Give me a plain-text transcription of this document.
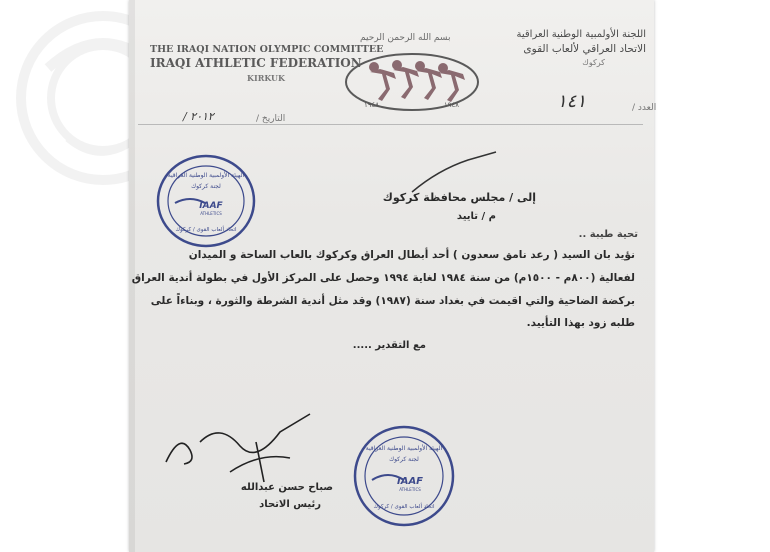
THE IRAQI NATION OLYMPIC COMMITTEE
IRAQI ATHLETIC FEDERATION
KIRKUK
بسم الله الرحمن الرحيم	اللجنة الأولمبية الوطنية العراقية
الاتحاد العراقي لألعاب القوى
كركوك
١٩٤٨	١٩٤٨	العدد /
١٤١
التاريخ /
/ ٢٠١٢
إلى / مجلس محافظة كركوك
م / تاييد
تحية طيبة ..
نؤيد بان السيد ( رعد نامق سعدون ) أحد أبطال العراق وكركوك بالعاب الساحة و الميدان
لفعالية (٨٠٠م - ١٥٠٠م) من سنة ١٩٨٤ لغاية ١٩٩٤ وحصل على المركز الأول في بطولة أندية العراق
بركضة الضاحية والتي اقيمت في بغداد سنة (١٩٨٧) وقد مثل أندية الشرطة والثورة ، وبناءاً على
طلبه زود بهذا التأييد.
مع التقدير .....
الهيئة الأولمبية الوطنية العراقية
لجنة كركوك
IAAF
ATHLETICS
اتحاد ألعاب القوى / كركوك
صباح حسن عبدالله
رئيس الاتحاد
الهيئة الأولمبية الوطنية العراقية
لجنة كركوك
IAAF
ATHLETICS
اتحاد ألعاب القوى / كركوك
